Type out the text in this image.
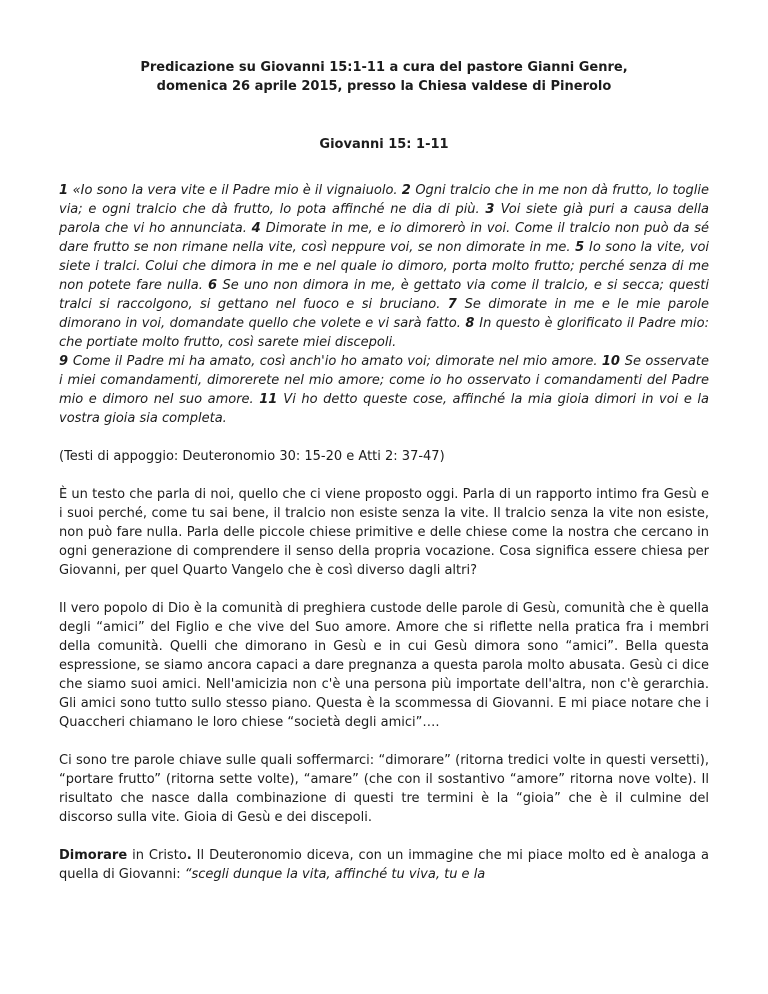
Predicazione su Giovanni 15:1-11 a cura del pastore Gianni Genre,
domenica 26 aprile 2015, presso la Chiesa valdese di Pinerolo
Giovanni 15: 1-11

1 «Io sono la vera vite e il Padre mio è il vignaiuolo. 2 Ogni tralcio che in me non dà frutto, lo toglie via; e ogni tralcio che dà frutto, lo pota affinché ne dia di più. 3 Voi siete già puri a causa della parola che vi ho annunciata. 4 Dimorate in me, e io dimorerò in voi. Come il tralcio non può da sé dare frutto se non rimane nella vite, così neppure voi, se non dimorate in me. 5 Io sono la vite, voi siete i tralci. Colui che dimora in me e nel quale io dimoro, porta molto frutto; perché senza di me non potete fare nulla. 6 Se uno non dimora in me, è gettato via come il tralcio, e si secca; questi tralci si raccolgono, si gettano nel fuoco e si bruciano. 7 Se dimorate in me e le mie parole dimorano in voi, domandate quello che volete e vi sarà fatto. 8 In questo è glorificato il Padre mio: che portiate molto frutto, così sarete miei discepoli.
9 Come il Padre mi ha amato, così anch'io ho amato voi; dimorate nel mio amore. 10 Se osservate i miei comandamenti, dimorerete nel mio amore; come io ho osservato i comandamenti del Padre mio e dimoro nel suo amore. 11 Vi ho detto queste cose, affinché la mia gioia dimori in voi e la vostra gioia sia completa.

(Testi di appoggio: Deuteronomio 30: 15-20 e Atti 2: 37-47)

È un testo che parla di noi, quello che ci viene proposto oggi. Parla di un rapporto intimo fra Gesù e i suoi perché, come tu sai bene, il tralcio non esiste senza la vite. Il tralcio senza la vite non esiste, non può fare nulla. Parla delle piccole chiese primitive e delle chiese come la nostra che cercano in ogni generazione di comprendere il senso della propria vocazione. Cosa significa essere chiesa per Giovanni, per quel Quarto Vangelo che è così diverso dagli altri?

Il vero popolo di Dio è la comunità di preghiera custode delle parole di Gesù, comunità che è quella degli “amici” del Figlio e che vive del Suo amore. Amore che si riflette nella pratica fra i membri della comunità. Quelli che dimorano in Gesù e in cui Gesù dimora sono “amici”. Bella questa espressione, se siamo ancora capaci a dare pregnanza a questa parola molto abusata. Gesù ci dice che siamo suoi amici. Nell'amicizia non c'è una persona più importate dell'altra, non c'è gerarchia. Gli amici sono tutto sullo stesso piano. Questa è la scommessa di Giovanni. E mi piace notare che i Quaccheri chiamano le loro chiese “società degli amici”….

Ci sono tre parole chiave sulle quali soffermarci: “dimorare” (ritorna tredici volte in questi versetti), “portare frutto” (ritorna sette volte), “amare” (che con il sostantivo “amore” ritorna nove volte). Il risultato che nasce dalla combinazione di questi tre termini è la “gioia” che è il culmine del discorso sulla vite. Gioia di Gesù e dei discepoli.

Dimorare in Cristo. Il Deuteronomio diceva, con un immagine che mi piace molto ed è analoga a quella di Giovanni: “scegli dunque la vita, affinché tu viva, tu e la
